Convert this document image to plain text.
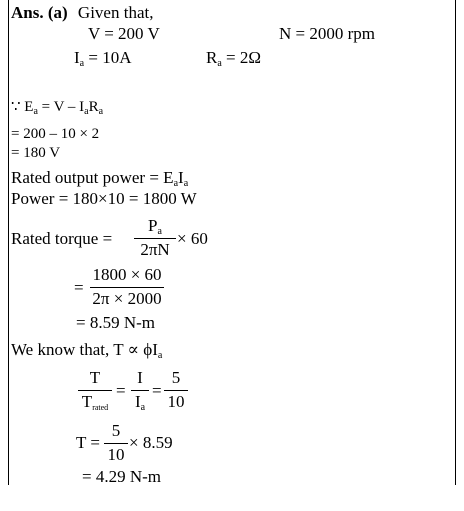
Ans. (a) Given that,
V = 200 V	N = 2000 rpm
$I_a = 10A$	$R_a = 2\Omega$
∵ $E_a = V - I_aR_a$
= 200 – 10 × 2
= 180 V
Rated output power = $E_aI_a$
Power = 180×10 = 1800 W
Rated torque =
$P_a$
2πN
× 60
=
1800 × 60
2π × 2000
= 8.59 N-m
We know that, $T \propto \phi I_a$
T
Trated
=
I
$I_a$
=
5
10
T =
5
10
× 8.59
= 4.29 N-m
